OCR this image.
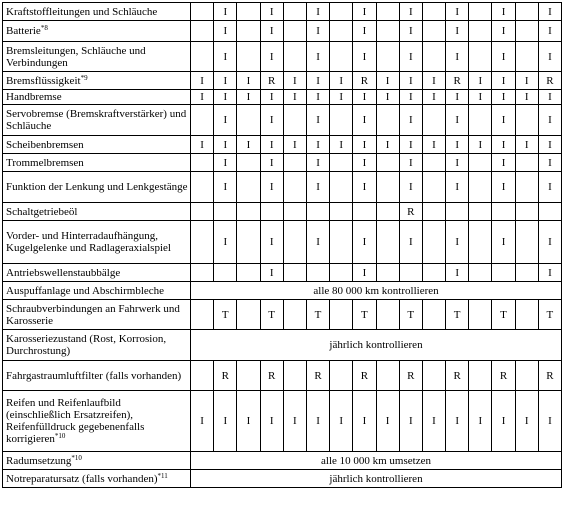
Kraftstoffleitungen und Schläuche		I		I		I		I		I		I		I		I
Batterie$^{*8}$		I		I		I		I		I		I		I		I
Bremsleitungen, Schläuche und Verbindungen		I		I		I		I		I		I		I		I
Bremsflüssigkeit$^{*9}$	I	I	I	R	I	I	I	R	I	I	I	R	I	I	I	R
Handbremse	I	I	I	I	I	I	I	I	I	I	I	I	I	I	I	I
Servobremse (Bremskraftverstärker) und Schläuche		I		I		I		I		I		I		I		I
Scheibenbremsen	I	I	I	I	I	I	I	I	I	I	I	I	I	I	I	I
Trommelbremsen		I		I		I		I		I		I		I		I
Funktion der Lenkung und Lenkgestänge		I		I		I		I		I		I		I		I
Schaltgetriebeöl										R						
Vorder- und Hinterradaufhängung, Kugelgelenke und Radlageraxialspiel		I		I		I		I		I		I		I		I
Antriebswellenstaubbälge				I				I				I				I
Auspuffanlage und Abschirmbleche	alle 80 000 km kontrollieren															
Schraubverbindungen an Fahrwerk und Karosserie		T		T		T		T		T		T		T		T
Karosseriezustand (Rost, Korrosion, Durchrostung)	jährlich kontrollieren															
Fahrgastraumluftfilter (falls vorhanden)		R		R		R		R		R		R		R		R
Reifen und Reifenlaufbild (einschließlich Ersatzreifen), Reifenfülldruck gegebenenfalls korrigieren$^{*10}$	I	I	I	I	I	I	I	I	I	I	I	I	I	I	I	I
Radumsetzung$^{*10}$	alle 10 000 km umsetzen															
Notreparatursatz (falls vorhanden)$^{*11}$	jährlich kontrollieren															
